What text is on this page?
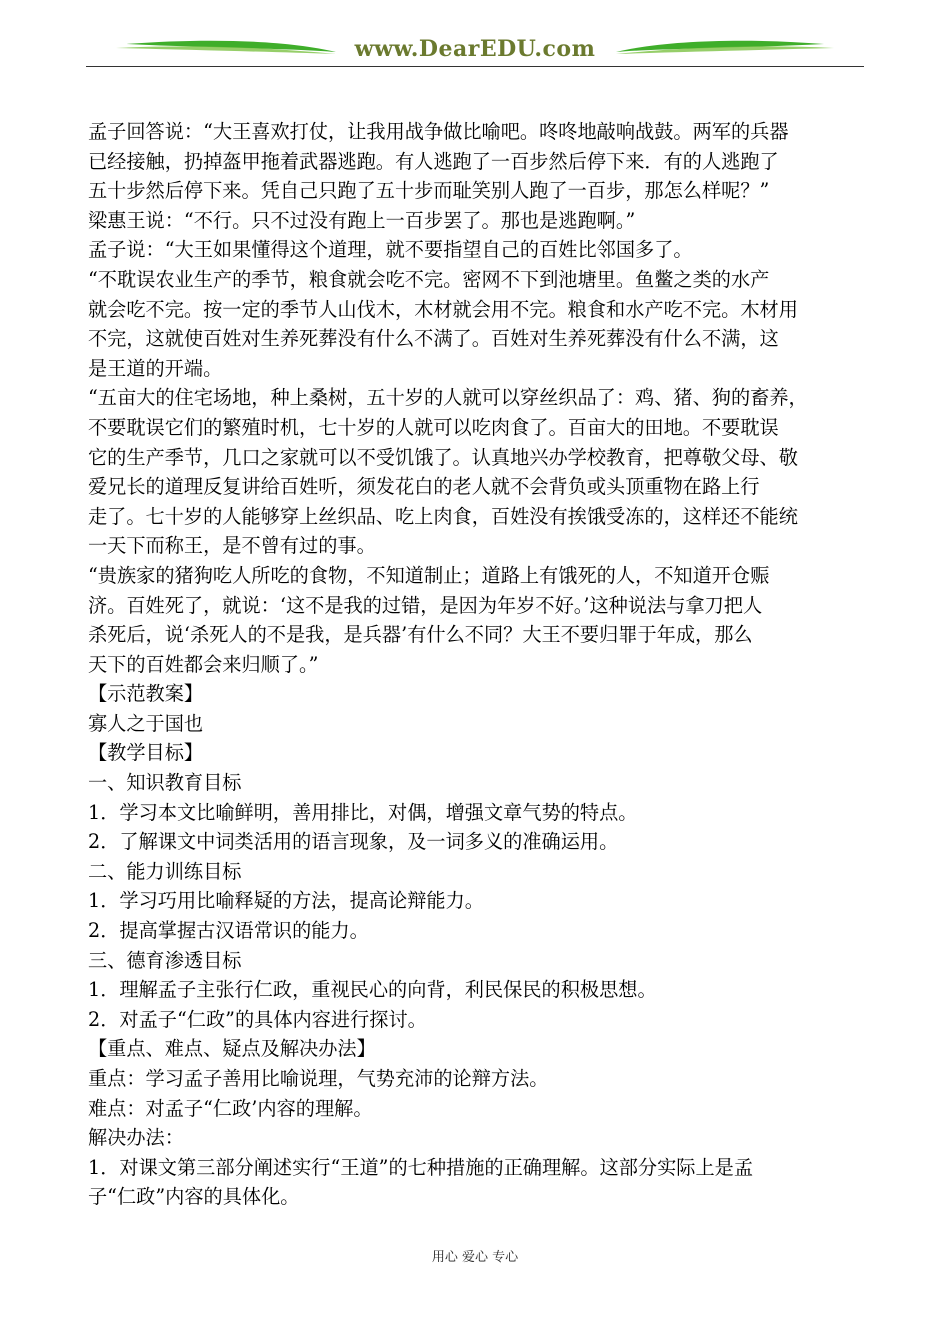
www.DearEDU.com
孟子回答说：“大王喜欢打仗，让我用战争做比喻吧。咚咚地敲响战鼓。两军的兵器
已经接触，扔掉盔甲拖着武器逃跑。有人逃跑了一百步然后停下来．有的人逃跑了
五十步然后停下来。凭自己只跑了五十步而耻笑别人跑了一百步，那怎么样呢？”
梁惠王说：“不行。只不过没有跑上一百步罢了。那也是逃跑啊。”
孟子说：“大王如果懂得这个道理，就不要指望自己的百姓比邻国多了。
“不耽误农业生产的季节，粮食就会吃不完。密网不下到池塘里。鱼鳖之类的水产
就会吃不完。按一定的季节人山伐木，木材就会用不完。粮食和水产吃不完。木材用
不完，这就使百姓对生养死葬没有什么不满了。百姓对生养死葬没有什么不满，这
是王道的开端。
“五亩大的住宅场地，种上桑树，五十岁的人就可以穿丝织品了：鸡、猪、狗的畜养，
不要耽误它们的繁殖时机，七十岁的人就可以吃肉食了。百亩大的田地。不要耽误
它的生产季节，几口之家就可以不受饥饿了。认真地兴办学校教育，把尊敬父母、敬
爱兄长的道理反复讲给百姓听，须发花白的老人就不会背负或头顶重物在路上行
走了。七十岁的人能够穿上丝织品、吃上肉食，百姓没有挨饿受冻的，这样还不能统
一天下而称王，是不曾有过的事。
“贵族家的猪狗吃人所吃的食物，不知道制止；道路上有饿死的人，不知道开仓赈
济。百姓死了，就说：‘这不是我的过错，是因为年岁不好。’这种说法与拿刀把人
杀死后，说‘杀死人的不是我，是兵器’有什么不同？大王不要归罪于年成，那么
天下的百姓都会来归顺了。”
【示范教案】
寡人之于国也
【教学目标】
一、知识教育目标
1．学习本文比喻鲜明，善用排比，对偶，增强文章气势的特点。
2．了解课文中词类活用的语言现象，及一词多义的准确运用。
二、能力训练目标
1．学习巧用比喻释疑的方法，提高论辩能力。
2．提高掌握古汉语常识的能力。
三、德育渗透目标
1．理解孟子主张行仁政，重视民心的向背，利民保民的积极思想。
2．对孟子“仁政”的具体内容进行探讨。
【重点、难点、疑点及解决办法】
重点：学习孟子善用比喻说理，气势充沛的论辩方法。
难点：对孟子“仁政’内容的理解。
解决办法：
1．对课文第三部分阐述实行“王道”的七种措施的正确理解。这部分实际上是孟
子“仁政”内容的具体化。
用心 爱心 专心
